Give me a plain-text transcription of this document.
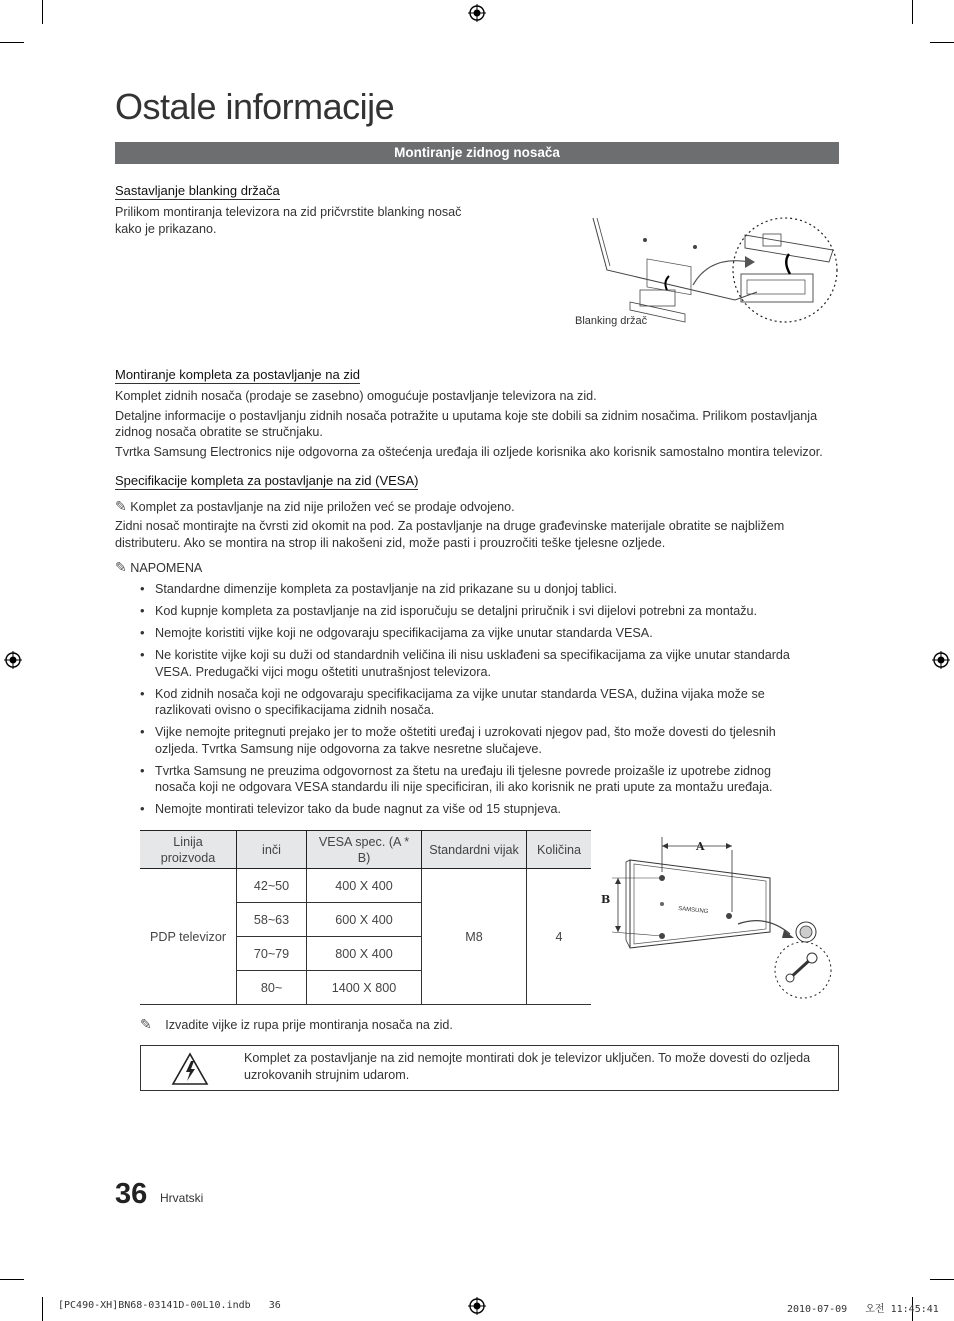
Ostale informacije
Montiranje zidnog nosača
Sastavljanje blanking držača
Prilikom montiranja televizora na zid pričvrstite blanking nosač
kako je prikazano.
Blanking držač
Montiranje kompleta za postavljanje na zid
Komplet zidnih nosača (prodaje se zasebno) omogućuje postavljanje televizora na zid.
Detaljne informacije o postavljanju zidnih nosača potražite u uputama koje ste dobili sa zidnim nosačima. Prilikom postavljanja
zidnog nosača obratite se stručnjaku.
Tvrtka Samsung Electronics nije odgovorna za oštećenja uređaja ili ozljede korisnika ako korisnik samostalno montira televizor.
Specifikacije kompleta za postavljanje na zid (VESA)
✎ Komplet za postavljanje na zid nije priložen već se prodaje odvojeno.
Zidni nosač montirajte na čvrsti zid okomit na pod. Za postavljanje na druge građevinske materijale obratite se najbližem
distributeru. Ako se montira na strop ili nakošeni zid, može pasti i prouzročiti teške tjelesne ozljede.
✎ NAPOMENA
• Standardne dimenzije kompleta za postavljanje na zid prikazane su u donjoj tablici.
• Kod kupnje kompleta za postavljanje na zid isporučuju se detaljni priručnik i svi dijelovi potrebni za montažu.
• Nemojte koristiti vijke koji ne odgovaraju specifikacijama za vijke unutar standarda VESA.
• Ne koristite vijke koji su duži od standardnih veličina ili nisu usklađeni sa specifikacijama za vijke unutar standarda
VESA. Predugački vijci mogu oštetiti unutrašnjost televizora.
• Kod zidnih nosača koji ne odgovaraju specifikacijama za vijke unutar standarda VESA, dužina vijaka može se
razlikovati ovisno o specifikacijama zidnih nosača.
• Vijke nemojte pritegnuti prejako jer to može oštetiti uređaj i uzrokovati njegov pad, što može dovesti do tjelesnih
ozljeda. Tvrtka Samsung nije odgovorna za takve nesretne slučajeve.
• Tvrtka Samsung ne preuzima odgovornost za štetu na uređaju ili tjelesne povrede proizašle iz upotrebe zidnog
nosača koji ne odgovara VESA standardu ili nije specificiran, ili ako korisnik ne prati upute za montažu uređaja.
• Nemojte montirati televizor tako da bude nagnut za više od 15 stupnjeva.
Linija proizvoda	inči	VESA spec. (A * B)	Standardni vijak	Količina
PDP televizor	42~50	400 X 400	M8	4
	58~63	600 X 400		
	70~79	800 X 400		
	80~	1400 X 800		
SAMSUNG
A
B
✎ Izvadite vijke iz rupa prije montiranja nosača na zid.
Komplet za postavljanje na zid nemojte montirati dok je televizor uključen. To može dovesti do ozljeda
uzrokovanih strujnim udarom.
36 Hrvatski
[PC490-XH]BN68-03141D-00L10.indb   36	2010-07-09   오전 11:45:41
